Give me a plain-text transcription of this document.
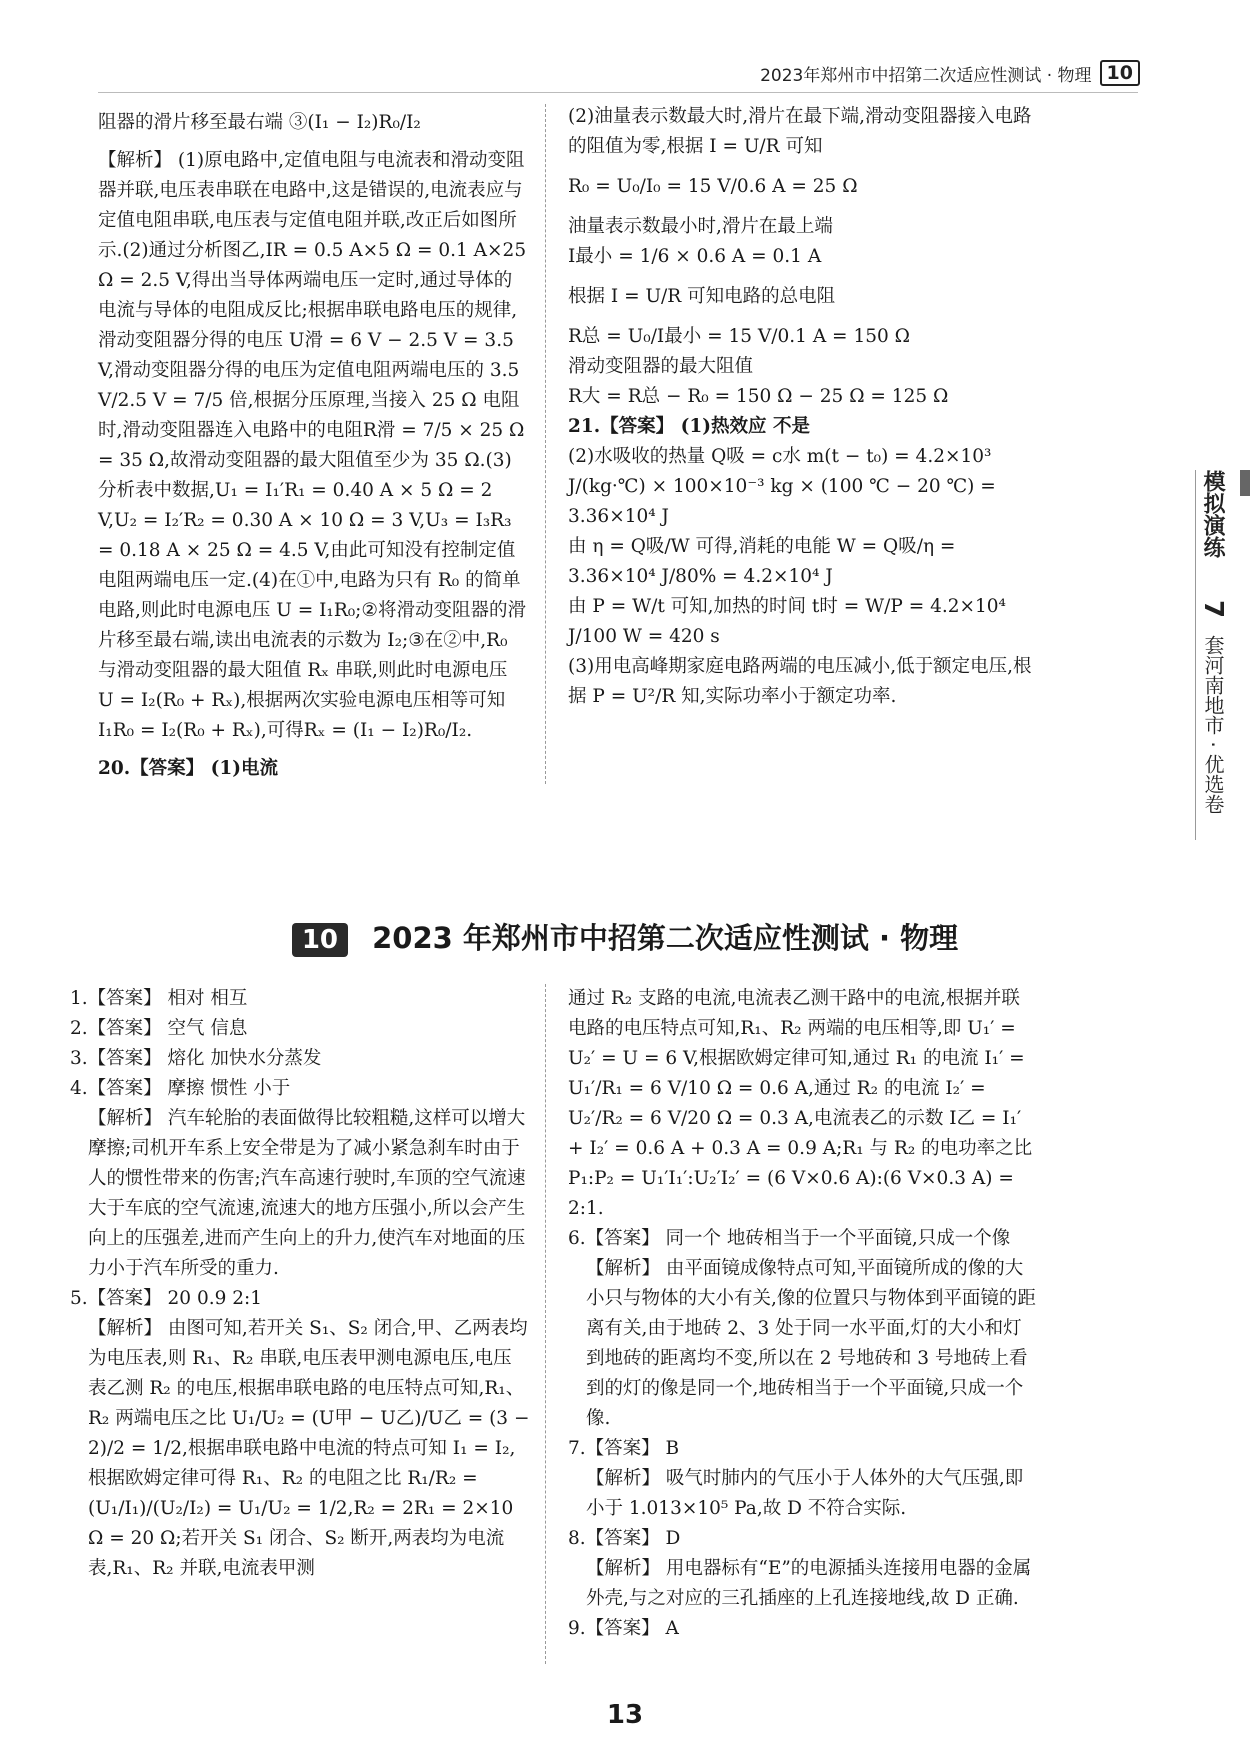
2023年郑州市中招第二次适应性测试 · 物理 10

阻器的滑片移至最右端 ③(I₁ − I₂)R₀/I₂

【解析】 (1)原电路中,定值电阻与电流表和滑动变阻器并联,电压表串联在电路中,这是错误的,电流表应与定值电阻串联,电压表与定值电阻并联,改正后如图所示.(2)通过分析图乙,IR = 0.5 A×5 Ω = 0.1 A×25 Ω = 2.5 V,得出当导体两端电压一定时,通过导体的电流与导体的电阻成反比;根据串联电路电压的规律,滑动变阻器分得的电压 U滑 = 6 V − 2.5 V = 3.5 V,滑动变阻器分得的电压为定值电阻两端电压的 3.5 V/2.5 V = 7/5 倍,根据分压原理,当接入 25 Ω 电阻时,滑动变阻器连入电路中的电阻R滑 = 7/5 × 25 Ω = 35 Ω,故滑动变阻器的最大阻值至少为 35 Ω.(3)分析表中数据,U₁ = I₁′R₁ = 0.40 A × 5 Ω = 2 V,U₂ = I₂′R₂ = 0.30 A × 10 Ω = 3 V,U₃ = I₃R₃ = 0.18 A × 25 Ω = 4.5 V,由此可知没有控制定值电阻两端电压一定.(4)在①中,电路为只有 R₀ 的简单电路,则此时电源电压 U = I₁R₀;②将滑动变阻器的滑片移至最右端,读出电流表的示数为 I₂;③在②中,R₀ 与滑动变阻器的最大阻值 Rₓ 串联,则此时电源电压 U = I₂(R₀ + Rₓ),根据两次实验电源电压相等可知 I₁R₀ = I₂(R₀ + Rₓ),可得Rₓ = (I₁ − I₂)R₀/I₂.

20.【答案】 (1)电流

(2)油量表示数最大时,滑片在最下端,滑动变阻器接入电路的阻值为零,根据 I = U/R 可知

R₀ = U₀/I₀ = 15 V/0.6 A = 25 Ω

油量表示数最小时,滑片在最上端

I最小 = 1/6 × 0.6 A = 0.1 A

根据 I = U/R 可知电路的总电阻

R总 = U₀/I最小 = 15 V/0.1 A = 150 Ω

滑动变阻器的最大阻值

R大 = R总 − R₀ = 150 Ω − 25 Ω = 125 Ω

21.【答案】 (1)热效应 不是

(2)水吸收的热量 Q吸 = c水 m(t − t₀) = 4.2×10³ J/(kg·℃) × 100×10⁻³ kg × (100 ℃ − 20 ℃) = 3.36×10⁴ J

由 η = Q吸/W 可得,消耗的电能 W = Q吸/η = 3.36×10⁴ J/80% = 4.2×10⁴ J

由 P = W/t 可知,加热的时间 t时 = W/P = 4.2×10⁴ J/100 W = 420 s

(3)用电高峰期家庭电路两端的电压减小,低于额定电压,根据 P = U²/R 知,实际功率小于额定功率.

模拟演练
7
套河南地市 · 优选卷
10 2023 年郑州市中招第二次适应性测试 · 物理

1.【答案】 相对 相互

2.【答案】 空气 信息

3.【答案】 熔化 加快水分蒸发

4.【答案】 摩擦 惯性 小于

【解析】 汽车轮胎的表面做得比较粗糙,这样可以增大摩擦;司机开车系上安全带是为了减小紧急刹车时由于人的惯性带来的伤害;汽车高速行驶时,车顶的空气流速大于车底的空气流速,流速大的地方压强小,所以会产生向上的压强差,进而产生向上的升力,使汽车对地面的压力小于汽车所受的重力.

5.【答案】 20 0.9 2:1

【解析】 由图可知,若开关 S₁、S₂ 闭合,甲、乙两表均为电压表,则 R₁、R₂ 串联,电压表甲测电源电压,电压表乙测 R₂ 的电压,根据串联电路的电压特点可知,R₁、R₂ 两端电压之比 U₁/U₂ = (U甲 − U乙)/U乙 = (3 − 2)/2 = 1/2,根据串联电路中电流的特点可知 I₁ = I₂,根据欧姆定律可得 R₁、R₂ 的电阻之比 R₁/R₂ = (U₁/I₁)/(U₂/I₂) = U₁/U₂ = 1/2,R₂ = 2R₁ = 2×10 Ω = 20 Ω;若开关 S₁ 闭合、S₂ 断开,两表均为电流表,R₁、R₂ 并联,电流表甲测

通过 R₂ 支路的电流,电流表乙测干路中的电流,根据并联电路的电压特点可知,R₁、R₂ 两端的电压相等,即 U₁′ = U₂′ = U = 6 V,根据欧姆定律可知,通过 R₁ 的电流 I₁′ = U₁′/R₁ = 6 V/10 Ω = 0.6 A,通过 R₂ 的电流 I₂′ = U₂′/R₂ = 6 V/20 Ω = 0.3 A,电流表乙的示数 I乙 = I₁′ + I₂′ = 0.6 A + 0.3 A = 0.9 A;R₁ 与 R₂ 的电功率之比 P₁:P₂ = U₁′I₁′:U₂′I₂′ = (6 V×0.6 A):(6 V×0.3 A) = 2:1.

6.【答案】 同一个 地砖相当于一个平面镜,只成一个像

【解析】 由平面镜成像特点可知,平面镜所成的像的大小只与物体的大小有关,像的位置只与物体到平面镜的距离有关,由于地砖 2、3 处于同一水平面,灯的大小和灯到地砖的距离均不变,所以在 2 号地砖和 3 号地砖上看到的灯的像是同一个,地砖相当于一个平面镜,只成一个像.

7.【答案】 B

【解析】 吸气时肺内的气压小于人体外的大气压强,即小于 1.013×10⁵ Pa,故 D 不符合实际.

8.【答案】 D

【解析】 用电器标有“E”的电源插头连接用电器的金属外壳,与之对应的三孔插座的上孔连接地线,故 D 正确.

9.【答案】 A

13
